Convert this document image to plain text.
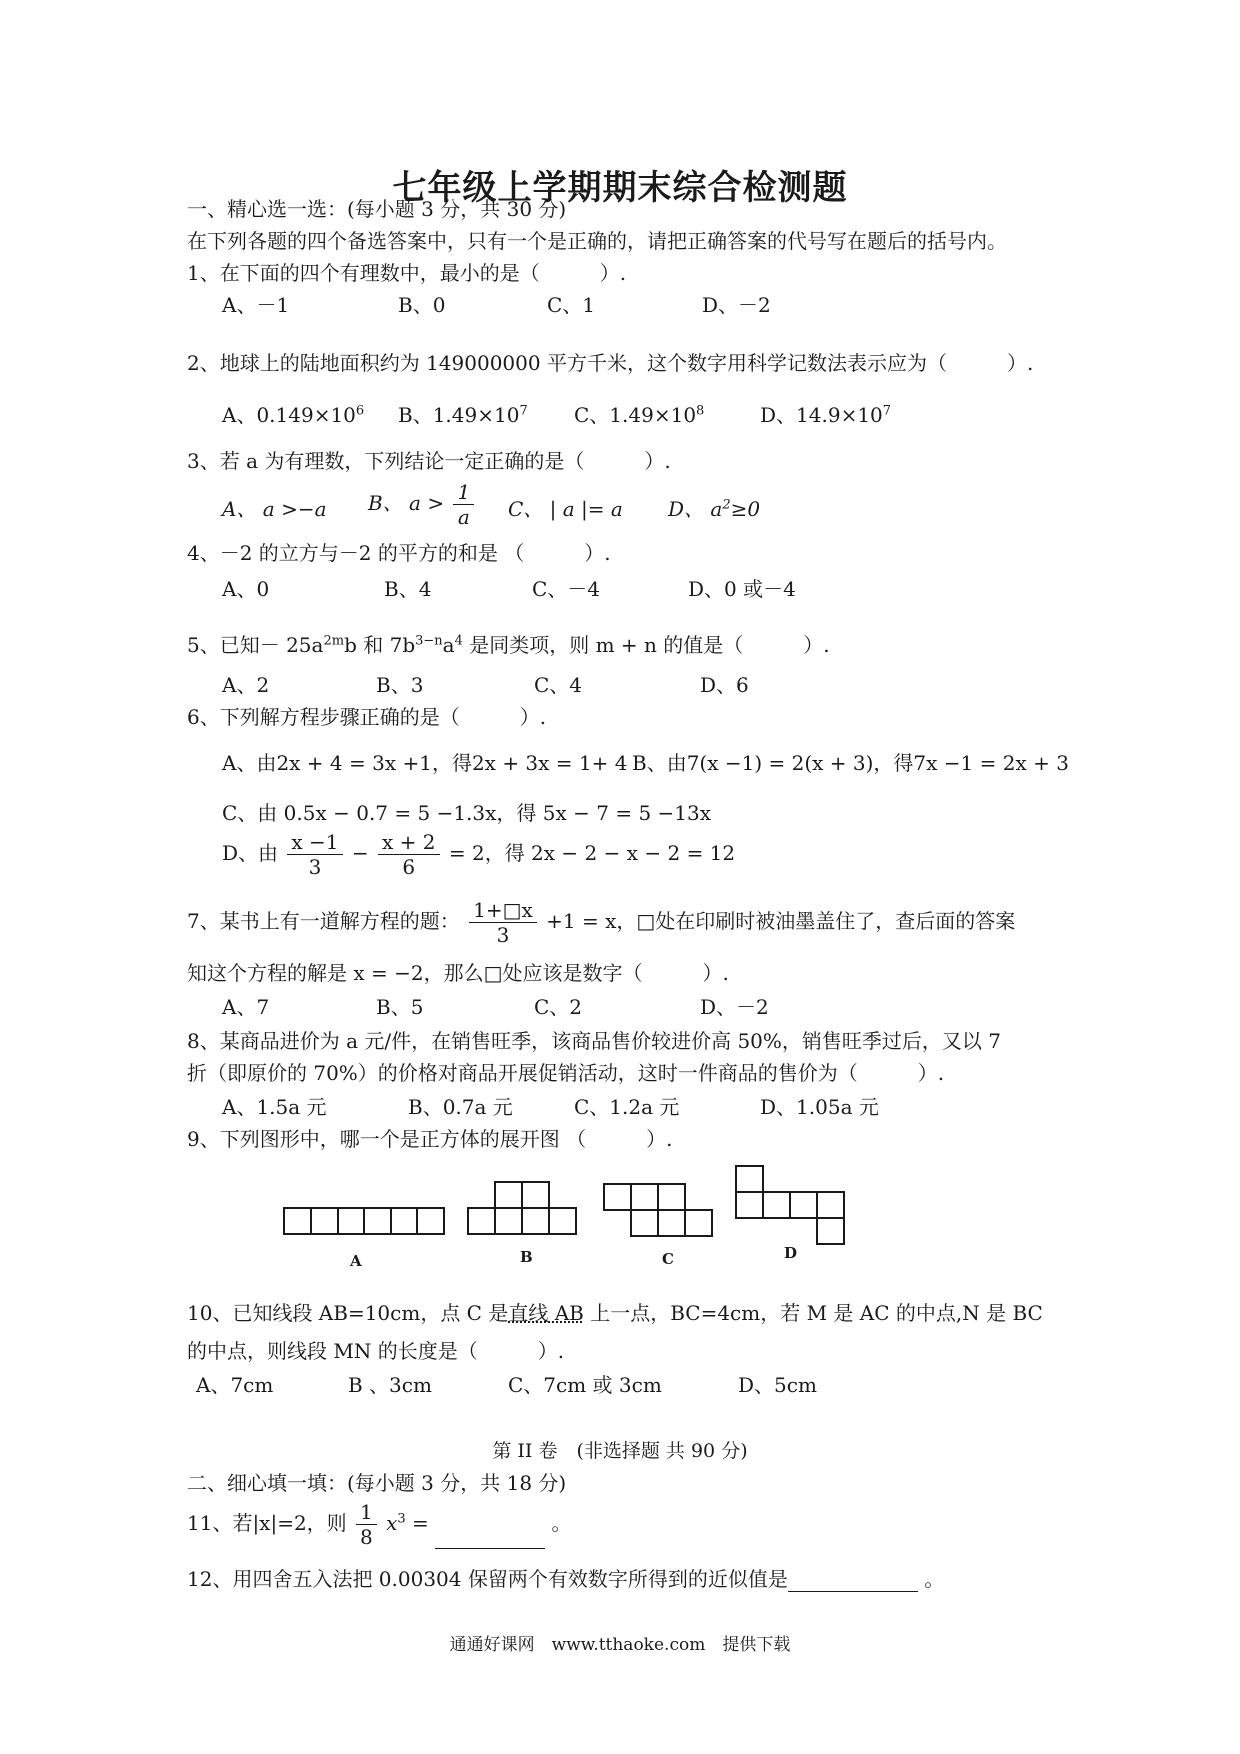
七年级上学期期末综合检测题
一、精心选一选：(每小题 3 分，共 30 分)
在下列各题的四个备选答案中，只有一个是正确的，请把正确答案的代号写在题后的括号内。
1、在下面的四个有理数中，最小的是（　　　）.
A、－1	B、0	C、1	D、－2
2、地球上的陆地面积约为 149000000 平方千米，这个数字用科学记数法表示应为（　　　）.
A、$0.149\times 10^6$ B、$1.49\times 10^7$ C、$1.49\times 10^8$	D、$14.9\times 10^7$
3、若 a 为有理数，下列结论一定正确的是（　　　）.
A、 a >−a B、 $a > \frac{1}{a}$ C、 | a |= a D、 $a^2\ge 0$
4、－2 的立方与－2 的平方的和是 （　　　）.
A、0	B、4	C、－4	D、0 或－4
5、已知－ $25a^{2m}b$ 和 $7b^{3-n}a^4$ 是同类项，则 m + n 的值是（　　　）.
A、2	B、3	C、4	D、6
6、下列解方程步骤正确的是（　　　）.
A、由2x + 4 = 3x +1，得2x + 3x = 1+ 4 B、由7(x −1) = 2(x + 3)，得7x −1 = 2x + 3
C、由 0.5x − 0.7 = 5 −1.3x，得 5x − 7 = 5 −13x
D、由 $\frac{x -1}{3} - \frac{x + 2}{6} = 2$，得 2x − 2 − x − 2 = 12
7、某书上有一道解方程的题： $\frac{1+□x}{3} +1 = x$，□处在印刷时被油墨盖住了，查后面的答案
知这个方程的解是 x = −2，那么□处应该是数字（　　　）.
A、7	B、5	C、2	D、－2
8、某商品进价为 a 元/件，在销售旺季，该商品售价较进价高 50%，销售旺季过后，又以 7
折（即原价的 70%）的价格对商品开展促销活动，这时一件商品的售价为（　　　）.
A、1.5a 元	B、0.7a 元	C、1.2a 元	D、1.05a 元
9、下列图形中，哪一个是正方体的展开图 （　　　）.
A	B	C	D
10、已知线段 AB=10cm，点 C 是直线 AB 上一点，BC=4cm，若 M 是 AC 的中点,N 是 BC
的中点，则线段 MN 的长度是（　　　）.
A、7cm	B 、3cm	C、7cm 或 3cm	D、5cm
第 II 卷　(非选择题 共 90 分)
二、细心填一填：(每小题 3 分，共 18 分)
11、若|x|=2，则 $\frac{1}{8} x^3$ =	。
12、用四舍五入法把 0.00304 保留两个有效数字所得到的近似值是	。
通通好课网　www.tthaoke.com　提供下载
